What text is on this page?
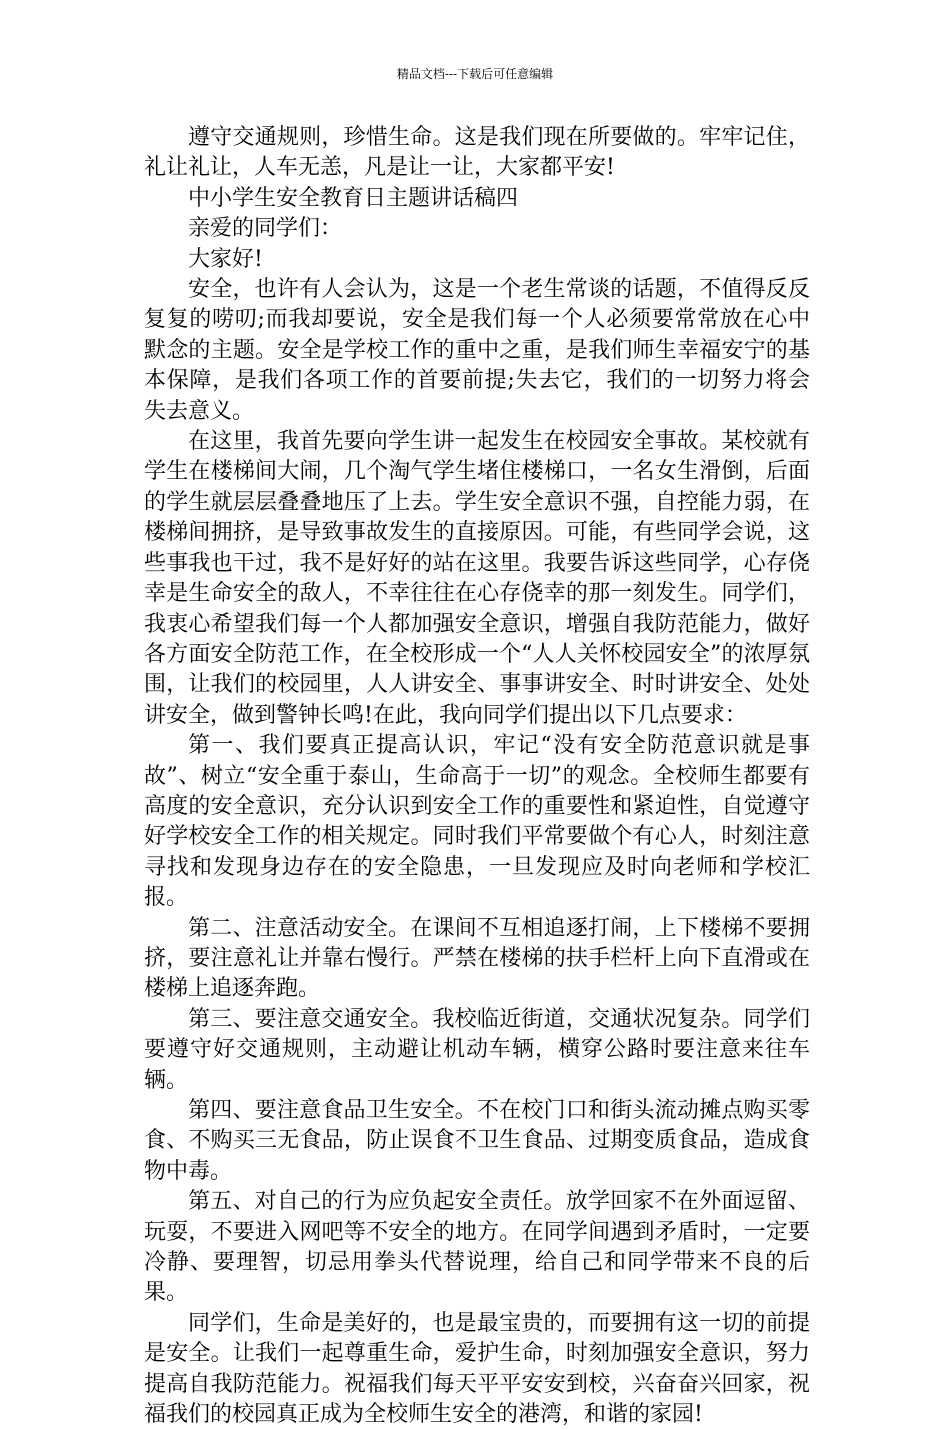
精品文档---下载后可任意编辑

遵守交通规则，珍惜生命。这是我们现在所要做的。牢牢记住，礼让礼让，人车无恙，凡是让一让，大家都平安!

中小学生安全教育日主题讲话稿四

亲爱的同学们：

大家好!

安全，也许有人会认为，这是一个老生常谈的话题，不值得反反复复的唠叨;而我却要说，安全是我们每一个人必须要常常放在心中默念的主题。安全是学校工作的重中之重，是我们师生幸福安宁的基本保障，是我们各项工作的首要前提;失去它，我们的一切努力将会失去意义。

在这里，我首先要向学生讲一起发生在校园安全事故。某校就有学生在楼梯间大闹，几个淘气学生堵住楼梯口，一名女生滑倒，后面的学生就层层叠叠地压了上去。学生安全意识不强，自控能力弱，在楼梯间拥挤，是导致事故发生的直接原因。可能，有些同学会说，这些事我也干过，我不是好好的站在这里。我要告诉这些同学，心存侥幸是生命安全的敌人，不幸往往在心存侥幸的那一刻发生。同学们，我衷心希望我们每一个人都加强安全意识，增强自我防范能力，做好各方面安全防范工作，在全校形成一个“人人关怀校园安全”的浓厚氛围，让我们的校园里，人人讲安全、事事讲安全、时时讲安全、处处讲安全，做到警钟长鸣!在此，我向同学们提出以下几点要求：

第一、我们要真正提高认识，牢记“没有安全防范意识就是事故”、树立“安全重于泰山，生命高于一切”的观念。全校师生都要有高度的安全意识，充分认识到安全工作的重要性和紧迫性，自觉遵守好学校安全工作的相关规定。同时我们平常要做个有心人，时刻注意寻找和发现身边存在的安全隐患，一旦发现应及时向老师和学校汇报。

第二、注意活动安全。在课间不互相追逐打闹，上下楼梯不要拥挤，要注意礼让并靠右慢行。严禁在楼梯的扶手栏杆上向下直滑或在楼梯上追逐奔跑。

第三、要注意交通安全。我校临近街道，交通状况复杂。同学们要遵守好交通规则，主动避让机动车辆，横穿公路时要注意来往车辆。

第四、要注意食品卫生安全。不在校门口和街头流动摊点购买零食、不购买三无食品，防止误食不卫生食品、过期变质食品，造成食物中毒。

第五、对自己的行为应负起安全责任。放学回家不在外面逗留、玩耍，不要进入网吧等不安全的地方。在同学间遇到矛盾时，一定要冷静、要理智，切忌用拳头代替说理，给自己和同学带来不良的后果。

同学们，生命是美好的，也是最宝贵的，而要拥有这一切的前提是安全。让我们一起尊重生命，爱护生命，时刻加强安全意识，努力提高自我防范能力。祝福我们每天平平安安到校，兴奋奋兴回家，祝福我们的校园真正成为全校师生安全的港湾，和谐的家园!
